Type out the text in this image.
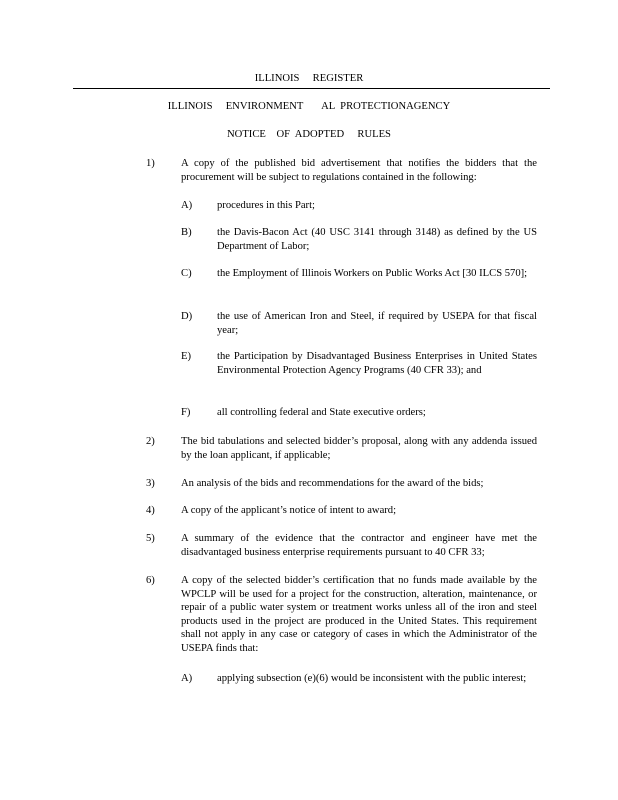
ILLINOIS     REGISTER
ILLINOIS     ENVIRONMENT       AL  PROTECTIONAGENCY
NOTICE    OF  ADOPTED     RULES
1) A copy of the published bid advertisement that notifies the bidders that the procurement will be subject to regulations contained in the following:
A) procedures in this Part;
B) the Davis-Bacon Act (40 USC 3141 through 3148) as defined by the US Department of Labor;
C) the Employment of Illinois Workers on Public Works Act [30 ILCS 570];
D) the use of American Iron and Steel, if required by USEPA for that fiscal year;
E) the Participation by Disadvantaged Business Enterprises in United States Environmental Protection Agency Programs (40 CFR 33); and
F)	all controlling federal and State executive orders;
2) The bid tabulations and selected bidder’s proposal, along with any addenda issued by the loan applicant, if applicable;
3) An analysis of the bids and recommendations for the award of the bids;
4) A copy of the applicant’s notice of intent to award;
5) A summary of the evidence that the contractor and engineer have met the disadvantaged business enterprise requirements pursuant to 40 CFR 33;
6) A copy of the selected bidder’s certification that no funds made available by the WPCLP will be used for a project for the construction, alteration, maintenance, or repair of a public water system or treatment works unless all of the iron and steel products used in the project are produced in the United States. This requirement shall not apply in any case or category of cases in which the Administrator of the USEPA finds that:
A) applying subsection (e)(6) would be inconsistent with the public interest;
